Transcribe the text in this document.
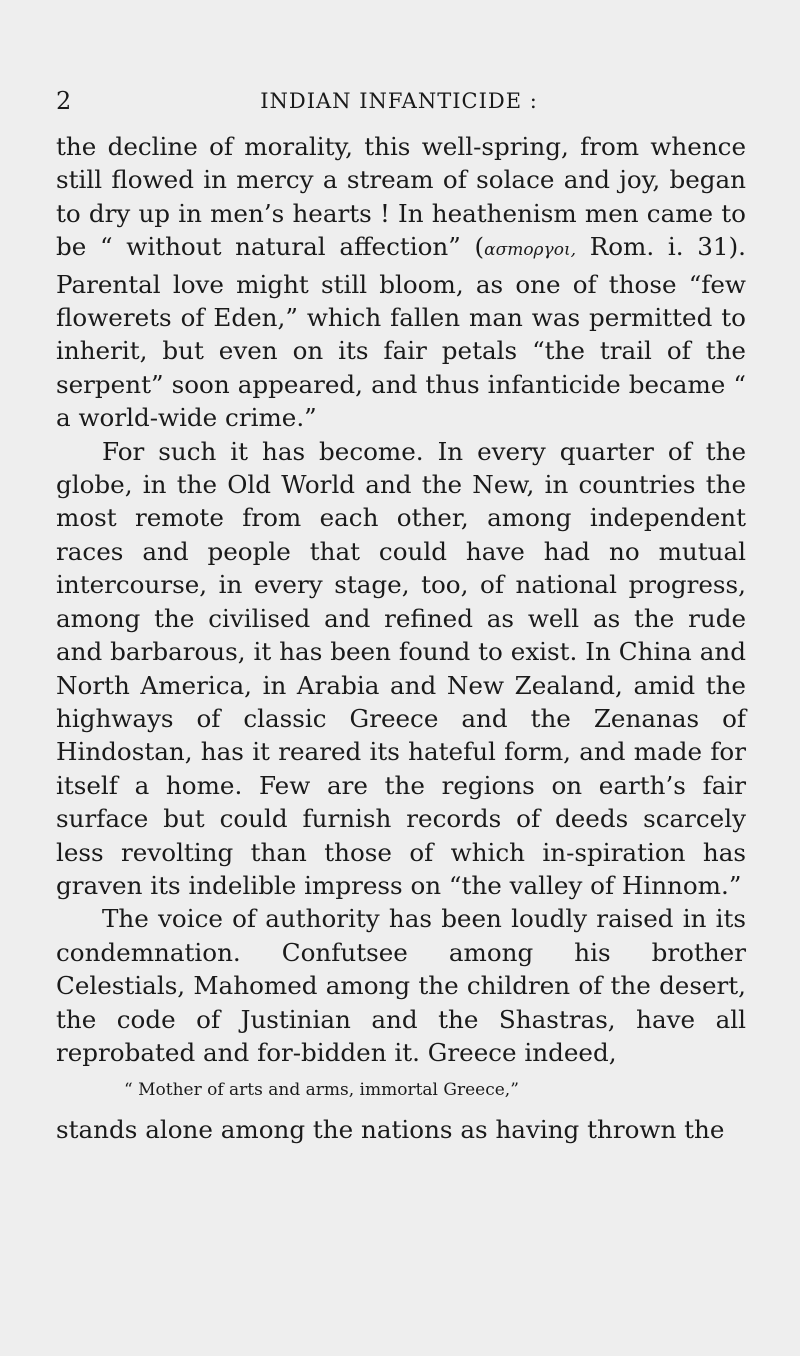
2	INDIAN INFANTICIDE :

the decline of morality, this well-spring, from whence still flowed in mercy a stream of solace and joy, began to dry up in men’s hearts ! In heathenism men came to be “ without natural affection” (ασтοργοι, Rom. i. 31). Parental love might still bloom, as one of those “few flowerets of Eden,” which fallen man was permitted to inherit, but even on its fair petals “the trail of the serpent” soon appeared, and thus infanticide became “ a world-wide crime.”

For such it has become. In every quarter of the globe, in the Old World and the New, in countries the most remote from each other, among independent races and people that could have had no mutual intercourse, in every stage, too, of national progress, among the civilised and refined as well as the rude and barbarous, it has been found to exist. In China and North America, in Arabia and New Zealand, amid the highways of classic Greece and the Zenanas of Hindostan, has it reared its hateful form, and made for itself a home. Few are the regions on earth’s fair surface but could furnish records of deeds scarcely less revolting than those of which in-spiration has graven its indelible impress on “the valley of Hinnom.”

The voice of authority has been loudly raised in its condemnation. Confutsee among his brother Celestials, Mahomed among the children of the desert, the code of Justinian and the Shastras, have all reprobated and for-bidden it. Greece indeed,

“ Mother of arts and arms, immortal Greece,”

stands alone among the nations as having thrown the
